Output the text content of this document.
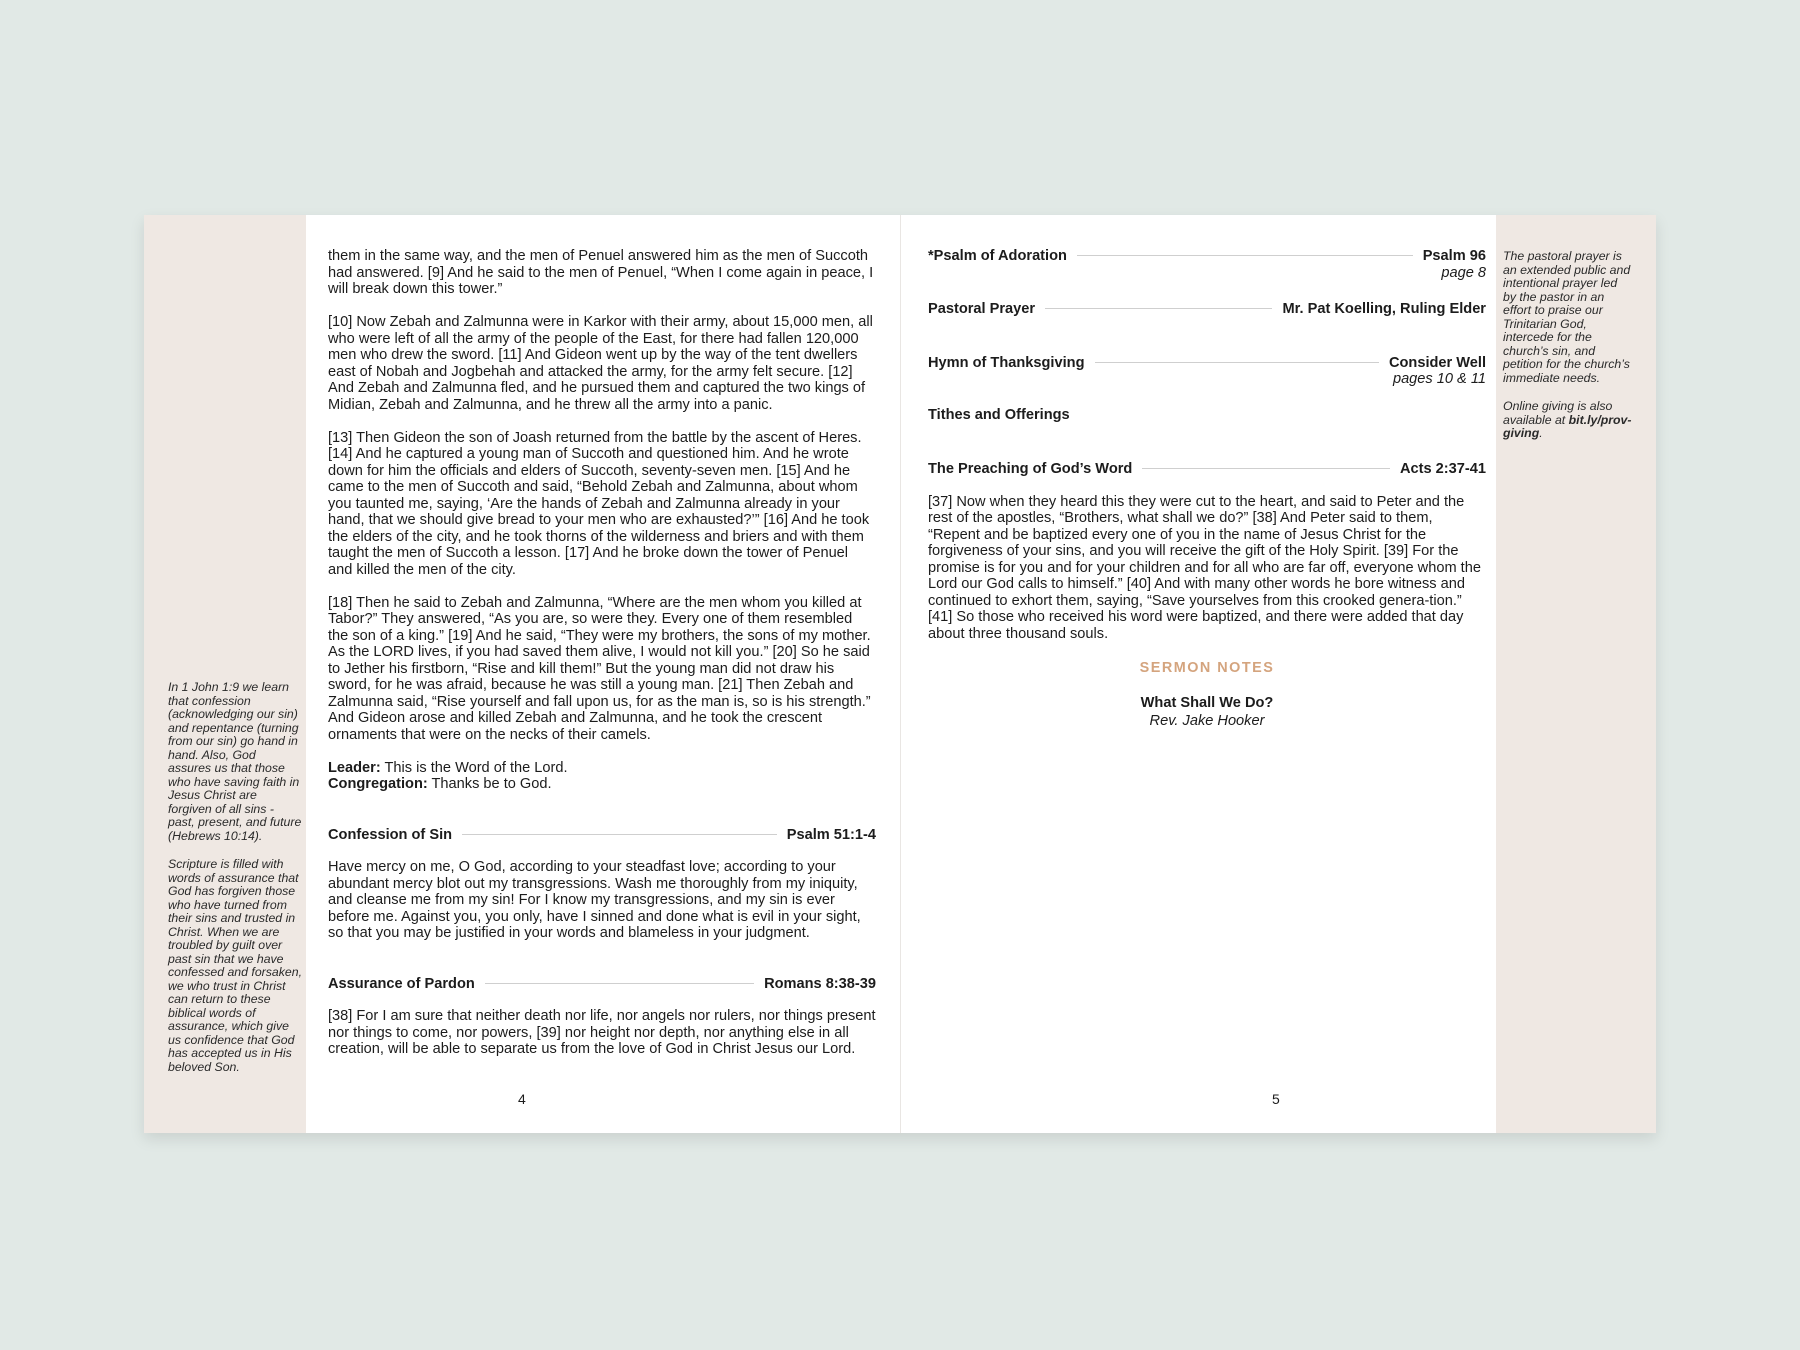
In 1 John 1:9 we learn that confession (acknowledging our sin) and repentance (turning from our sin) go hand in hand. Also, God assures us that those who have saving faith in Jesus Christ are forgiven of all sins - past, present, and future (Hebrews 10:14).

Scripture is filled with words of assurance that God has forgiven those who have turned from their sins and trusted in Christ. When we are troubled by guilt over past sin that we have confessed and forsaken, we who trust in Christ can return to these biblical words of assurance, which give us confidence that God has accepted us in His beloved Son.

The pastoral prayer is an extended public and intentional prayer led by the pastor in an effort to praise our Trinitarian God, intercede for the church’s sin, and petition for the church’s immediate needs.

Online giving is also available at bit.ly/prov-giving.

them in the same way, and the men of Penuel answered him as the men of Succoth had answered. [9] And he said to the men of Penuel, “When I come again in peace, I will break down this tower.”

[10] Now Zebah and Zalmunna were in Karkor with their army, about 15,000 men, all who were left of all the army of the people of the East, for there had fallen 120,000 men who drew the sword. [11] And Gideon went up by the way of the tent dwellers east of Nobah and Jogbehah and attacked the army, for the army felt secure. [12] And Zebah and Zalmunna fled, and he pursued them and captured the two kings of Midian, Zebah and Zalmunna, and he threw all the army into a panic.

[13] Then Gideon the son of Joash returned from the battle by the ascent of Heres. [14] And he captured a young man of Succoth and questioned him. And he wrote down for him the officials and elders of Succoth, seventy-seven men. [15] And he came to the men of Succoth and said, “Behold Zebah and Zalmunna, about whom you taunted me, saying, ‘Are the hands of Zebah and Zalmunna already in your hand, that we should give bread to your men who are exhausted?’” [16] And he took the elders of the city, and he took thorns of the wilderness and briers and with them taught the men of Succoth a lesson. [17] And he broke down the tower of Penuel and killed the men of the city.

[18] Then he said to Zebah and Zalmunna, “Where are the men whom you killed at Tabor?” They answered, “As you are, so were they. Every one of them resembled the son of a king.” [19] And he said, “They were my brothers, the sons of my mother. As the LORD lives, if you had saved them alive, I would not kill you.” [20] So he said to Jether his firstborn, “Rise and kill them!” But the young man did not draw his sword, for he was afraid, because he was still a young man. [21] Then Zebah and Zalmunna said, “Rise yourself and fall upon us, for as the man is, so is his strength.” And Gideon arose and killed Zebah and Zalmunna, and he took the crescent ornaments that were on the necks of their camels.

Leader: This is the Word of the Lord.
Congregation: Thanks be to God.
Confession of Sin	Psalm 51:1-4

Have mercy on me, O God, according to your steadfast love; according to your abundant mercy blot out my transgressions. Wash me thoroughly from my iniquity, and cleanse me from my sin! For I know my transgressions, and my sin is ever before me. Against you, you only, have I sinned and done what is evil in your sight, so that you may be justified in your words and blameless in your judgment.

Assurance of Pardon	Romans 8:38-39

[38] For I am sure that neither death nor life, nor angels nor rulers, nor things present nor things to come, nor powers, [39] nor height nor depth, nor anything else in all creation, will be able to separate us from the love of God in Christ Jesus our Lord.

4
*Psalm of Adoration	Psalm 96
page 8
Pastoral Prayer	Mr. Pat Koelling, Ruling Elder
Hymn of Thanksgiving	Consider Well
pages 10 & 11
Tithes and Offerings
The Preaching of God’s Word	Acts 2:37-41

[37] Now when they heard this they were cut to the heart, and said to Peter and the rest of the apostles, “Brothers, what shall we do?” [38] And Peter said to them, “Repent and be baptized every one of you in the name of Jesus Christ for the forgiveness of your sins, and you will receive the gift of the Holy Spirit. [39] For the promise is for you and for your children and for all who are far off, everyone whom the Lord our God calls to himself.” [40] And with many other words he bore witness and continued to exhort them, saying, “Save yourselves from this crooked genera-tion.” [41] So those who received his word were baptized, and there were added that day about three thousand souls.

SERMON NOTES
What Shall We Do?
Rev. Jake Hooker
5
